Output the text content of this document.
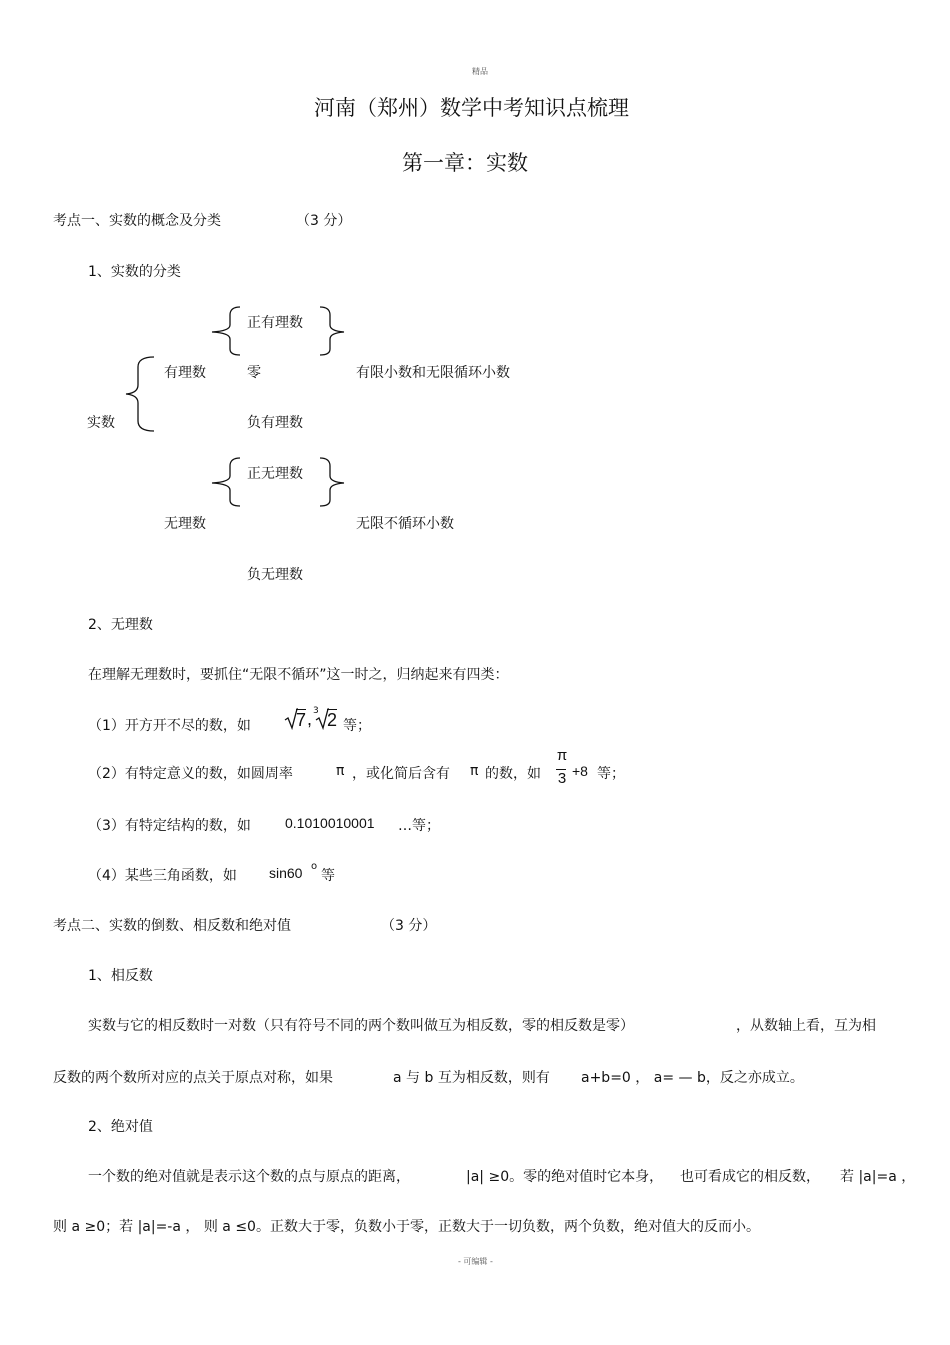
精品
河南（郑州）数学中考知识点梳理
第一章：实数
考点一、实数的概念及分类	（3 分）
1、实数的分类
实数
有理数
正有理数
零
负有理数
有限小数和无限循环小数
正无理数
无理数	无限不循环小数
负无理数
2、无理数
在理解无理数时，要抓住“无限不循环”这一时之，归纳起来有四类：
（1）开方开不尽的数，如	7 , 3 2 等；
（2）有特定意义的数，如圆周率	π ，或化简后含有 π 的数，如
π
3 +8 等；
（3）有特定结构的数，如 0.1010010001 …等；
（4）某些三角函数，如 sin60 o
等
考点二、实数的倒数、相反数和绝对值	（3 分）
1、相反数
实数与它的相反数时一对数（只有符号不同的两个数叫做互为相反数，零的相反数是零）	，从数轴上看，互为相
反数的两个数所对应的点关于原点对称，如果	a 与 b 互为相反数，则有 a+b=0 ， a= — b，反之亦成立。
2、绝对值
一个数的绝对值就是表示这个数的点与原点的距离，	|a| ≥0。零的绝对值时它本身， 也可看成它的相反数， 若 |a|=a ，
则 a ≥0；若 |a|=-a ， 则 a ≤0。正数大于零，负数小于零，正数大于一切负数，两个负数，绝对值大的反而小。
- 可编辑 -
